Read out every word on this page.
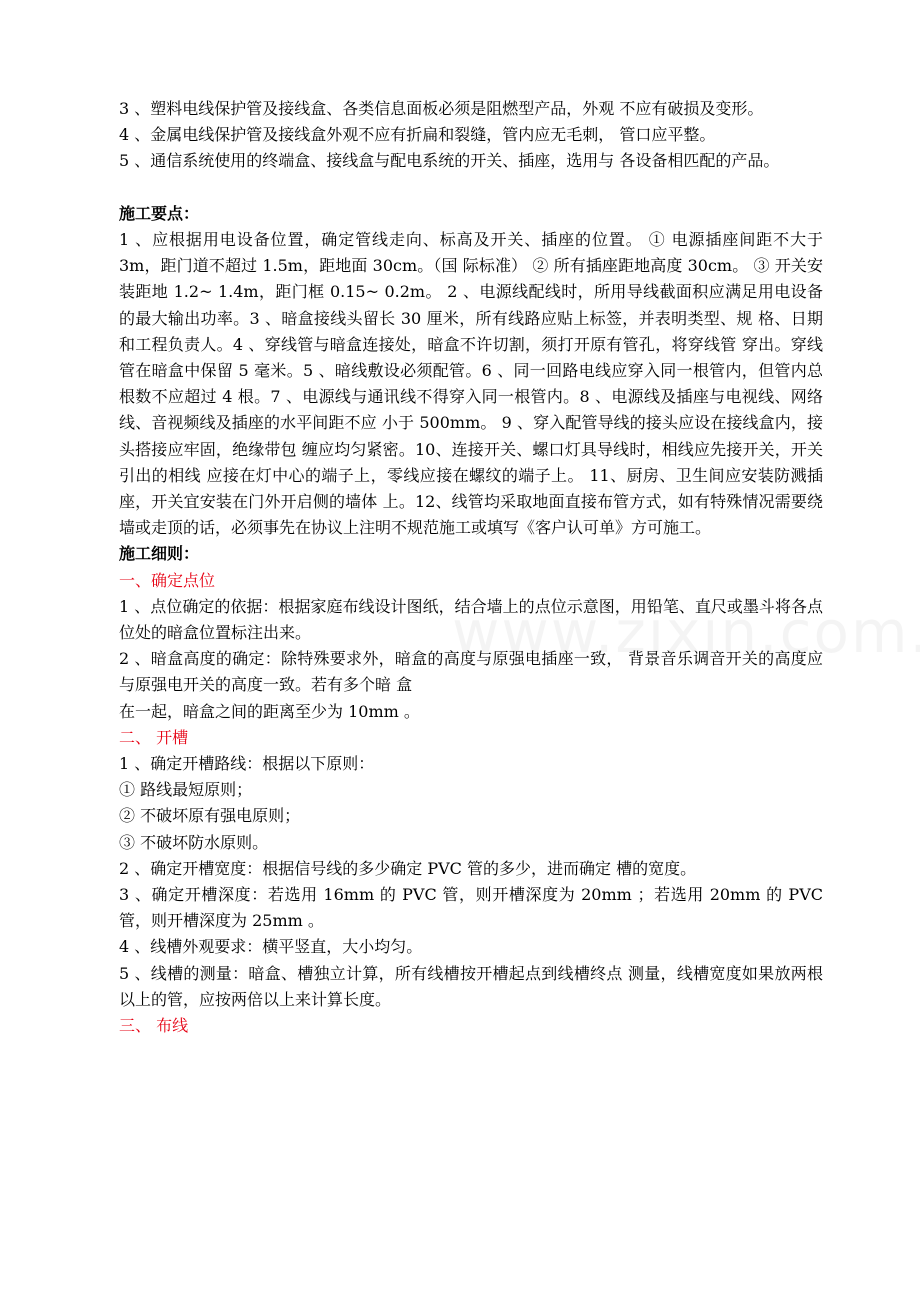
3 、塑料电线保护管及接线盒、各类信息面板必须是阻燃型产品，外观 不应有破损及变形。

4 、金属电线保护管及接线盒外观不应有折扁和裂缝，管内应无毛刺， 管口应平整。

5 、通信系统使用的终端盒、接线盒与配电系统的开关、插座，选用与 各设备相匹配的产品。

施工要点：

1 、应根据用电设备位置，确定管线走向、标高及开关、插座的位置。 ① 电源插座间距不大于 3m，距门道不超过 1.5m，距地面 30cm。（国 际标准） ② 所有插座距地高度 30cm。 ③ 开关安装距地 1.2~ 1.4m，距门框 0.15~ 0.2m。 2 、电源线配线时，所用导线截面积应满足用电设备的最大输出功率。3 、暗盒接线头留长 30 厘米，所有线路应贴上标签，并表明类型、规 格、日期和工程负责人。4 、穿线管与暗盒连接处，暗盒不许切割，须打开原有管孔，将穿线管 穿出。穿线管在暗盒中保留 5 毫米。5 、暗线敷设必须配管。6 、同一回路电线应穿入同一根管内，但管内总根数不应超过 4 根。7 、电源线与通讯线不得穿入同一根管内。8 、电源线及插座与电视线、网络线、音视频线及插座的水平间距不应 小于 500mm。 9 、穿入配管导线的接头应设在接线盒内，接头搭接应牢固，绝缘带包 缠应均匀紧密。10、连接开关、螺口灯具导线时，相线应先接开关，开关引出的相线 应接在灯中心的端子上，零线应接在螺纹的端子上。 11、厨房、卫生间应安装防溅插座，开关宜安装在门外开启侧的墙体 上。12、线管均采取地面直接布管方式，如有特殊情况需要绕墙或走顶的话，必须事先在协议上注明不规范施工或填写《客户认可单》方可施工。

施工细则：

一、确定点位

1 、点位确定的依据：根据家庭布线设计图纸，结合墙上的点位示意图，用铅笔、直尺或墨斗将各点位处的暗盒位置标注出来。

2 、暗盒高度的确定：除特殊要求外，暗盒的高度与原强电插座一致， 背景音乐调音开关的高度应与原强电开关的高度一致。若有多个暗 盒

在一起，暗盒之间的距离至少为 10mm 。

二、 开槽

1 、确定开槽路线：根据以下原则：

① 路线最短原则；

② 不破坏原有强电原则；

③ 不破坏防水原则。

2 、确定开槽宽度：根据信号线的多少确定 PVC 管的多少，进而确定 槽的宽度。

3 、确定开槽深度：若选用 16mm 的 PVC 管，则开槽深度为 20mm ；若选用 20mm 的 PVC 管，则开槽深度为 25mm 。

4 、线槽外观要求：横平竖直，大小均匀。

5 、线槽的测量：暗盒、槽独立计算，所有线槽按开槽起点到线槽终点 测量，线槽宽度如果放两根以上的管，应按两倍以上来计算长度。

三、 布线
